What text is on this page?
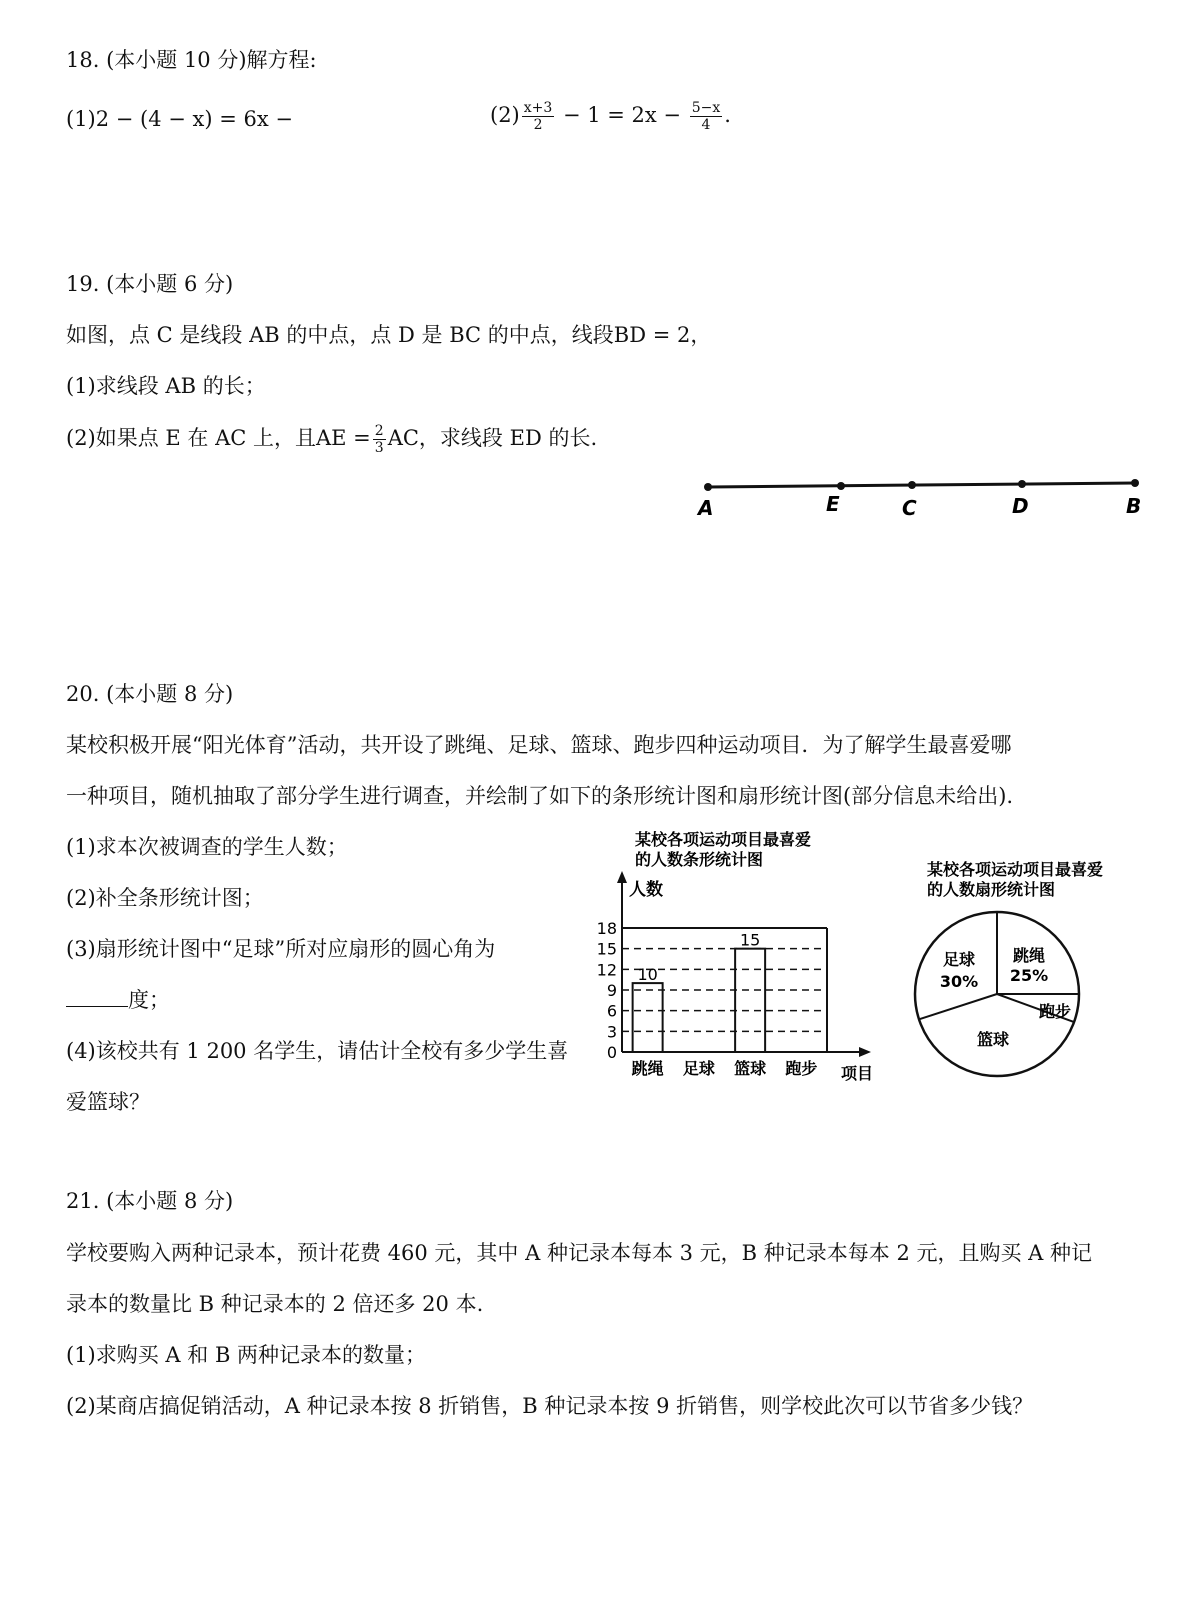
18. (本小题 10 分)解方程:
(1)2 − (4 − x) = 6x −	$(2) \frac{x+3}{2} - 1 = 2x - \frac{5-x}{4}$ .
19. (本小题 6 分)
如图，点 C 是线段 AB 的中点，点 D 是 BC 的中点，线段BD = 2，
(1)求线段 AB 的长；
(2)如果点 E 在 AC 上，且AE = $\frac{2}{3}$ AC，求线段 ED 的长.
A	E	C	D	B
20. (本小题 8 分)
某校积极开展“阳光体育”活动，共开设了跳绳、足球、篮球、跑步四种运动项目．为了解学生最喜爱哪
一种项目，随机抽取了部分学生进行调查，并绘制了如下的条形统计图和扇形统计图(部分信息未给出).
(1)求本次被调查的学生人数；
(2)补全条形统计图；
(3)扇形统计图中“足球”所对应扇形的圆心角为
度；
(4)该校共有 1 200 名学生，请估计全校有多少学生喜
爱篮球？
某校各项运动项目最喜爱
的人数条形统计图
人数
项目
0
3
6
9
12
15
18
10
15
跳绳 足球 篮球 跑步
某校各项运动项目最喜爱
的人数扇形统计图
足球
30%
跳绳
25%
跑步
篮球
21. (本小题 8 分)
学校要购入两种记录本，预计花费 460 元，其中 A 种记录本每本 3 元，B 种记录本每本 2 元，且购买 A 种记
录本的数量比 B 种记录本的 2 倍还多 20 本.
(1)求购买 A 和 B 两种记录本的数量；
(2)某商店搞促销活动，A 种记录本按 8 折销售，B 种记录本按 9 折销售，则学校此次可以节省多少钱？
